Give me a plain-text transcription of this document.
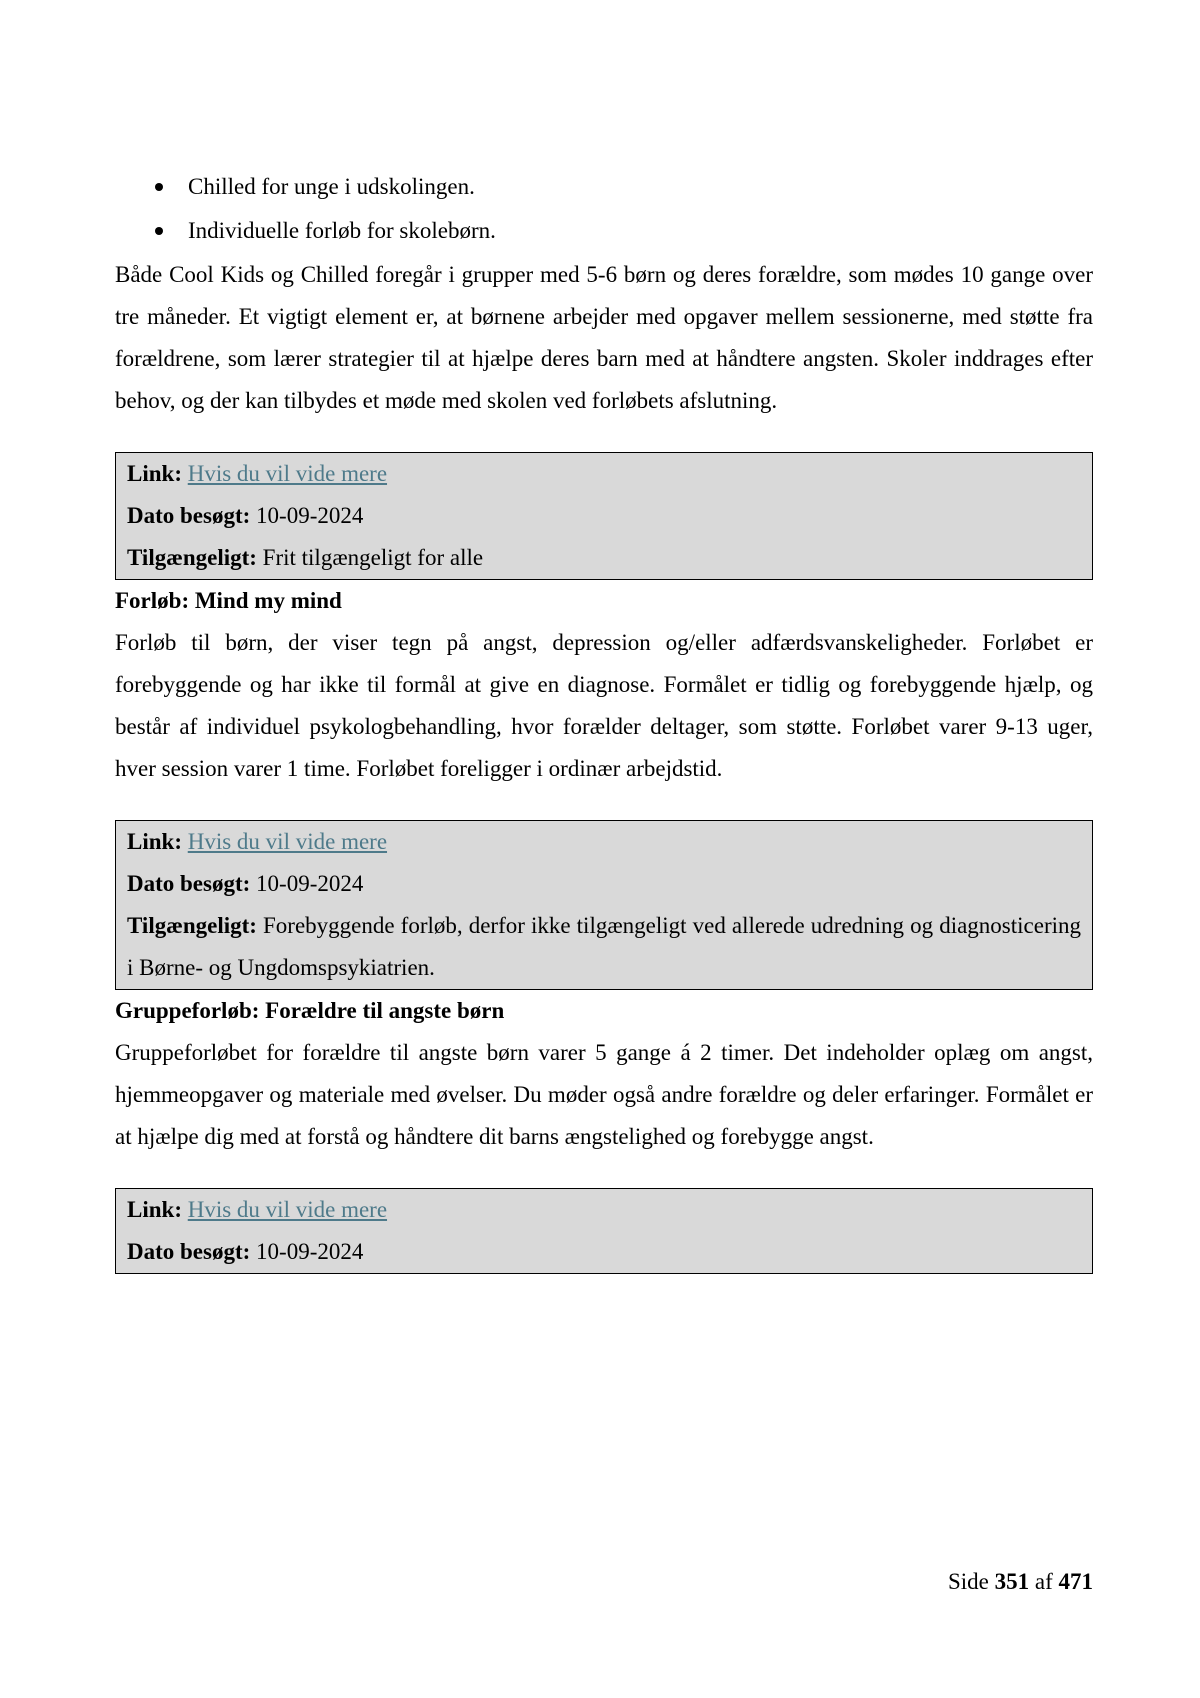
Chilled for unge i udskolingen.
Individuelle forløb for skolebørn.

Både Cool Kids og Chilled foregår i grupper med 5-6 børn og deres forældre, som mødes 10 gange over tre måneder. Et vigtigt element er, at børnene arbejder med opgaver mellem sessionerne, med støtte fra forældrene, som lærer strategier til at hjælpe deres barn med at håndtere angsten. Skoler inddrages efter behov, og der kan tilbydes et møde med skolen ved forløbets afslutning.

Link: Hvis du vil vide mere
Dato besøgt: 10-09-2024
Tilgængeligt: Frit tilgængeligt for alle
Forløb: Mind my mind

Forløb til børn, der viser tegn på angst, depression og/eller adfærdsvanskeligheder. Forløbet er forebyggende og har ikke til formål at give en diagnose. Formålet er tidlig og forebyggende hjælp, og består af individuel psykologbehandling, hvor forælder deltager, som støtte. Forløbet varer 9-13 uger, hver session varer 1 time. Forløbet foreligger i ordinær arbejdstid.

Link: Hvis du vil vide mere
Dato besøgt: 10-09-2024
Tilgængeligt: Forebyggende forløb, derfor ikke tilgængeligt ved allerede udredning og diagnosticering i Børne- og Ungdomspsykiatrien.
Gruppeforløb: Forældre til angste børn

Gruppeforløbet for forældre til angste børn varer 5 gange á 2 timer. Det indeholder oplæg om angst, hjemmeopgaver og materiale med øvelser. Du møder også andre forældre og deler erfaringer. Formålet er at hjælpe dig med at forstå og håndtere dit barns ængstelighed og forebygge angst.

Link: Hvis du vil vide mere
Dato besøgt: 10-09-2024
Side 351 af 471
